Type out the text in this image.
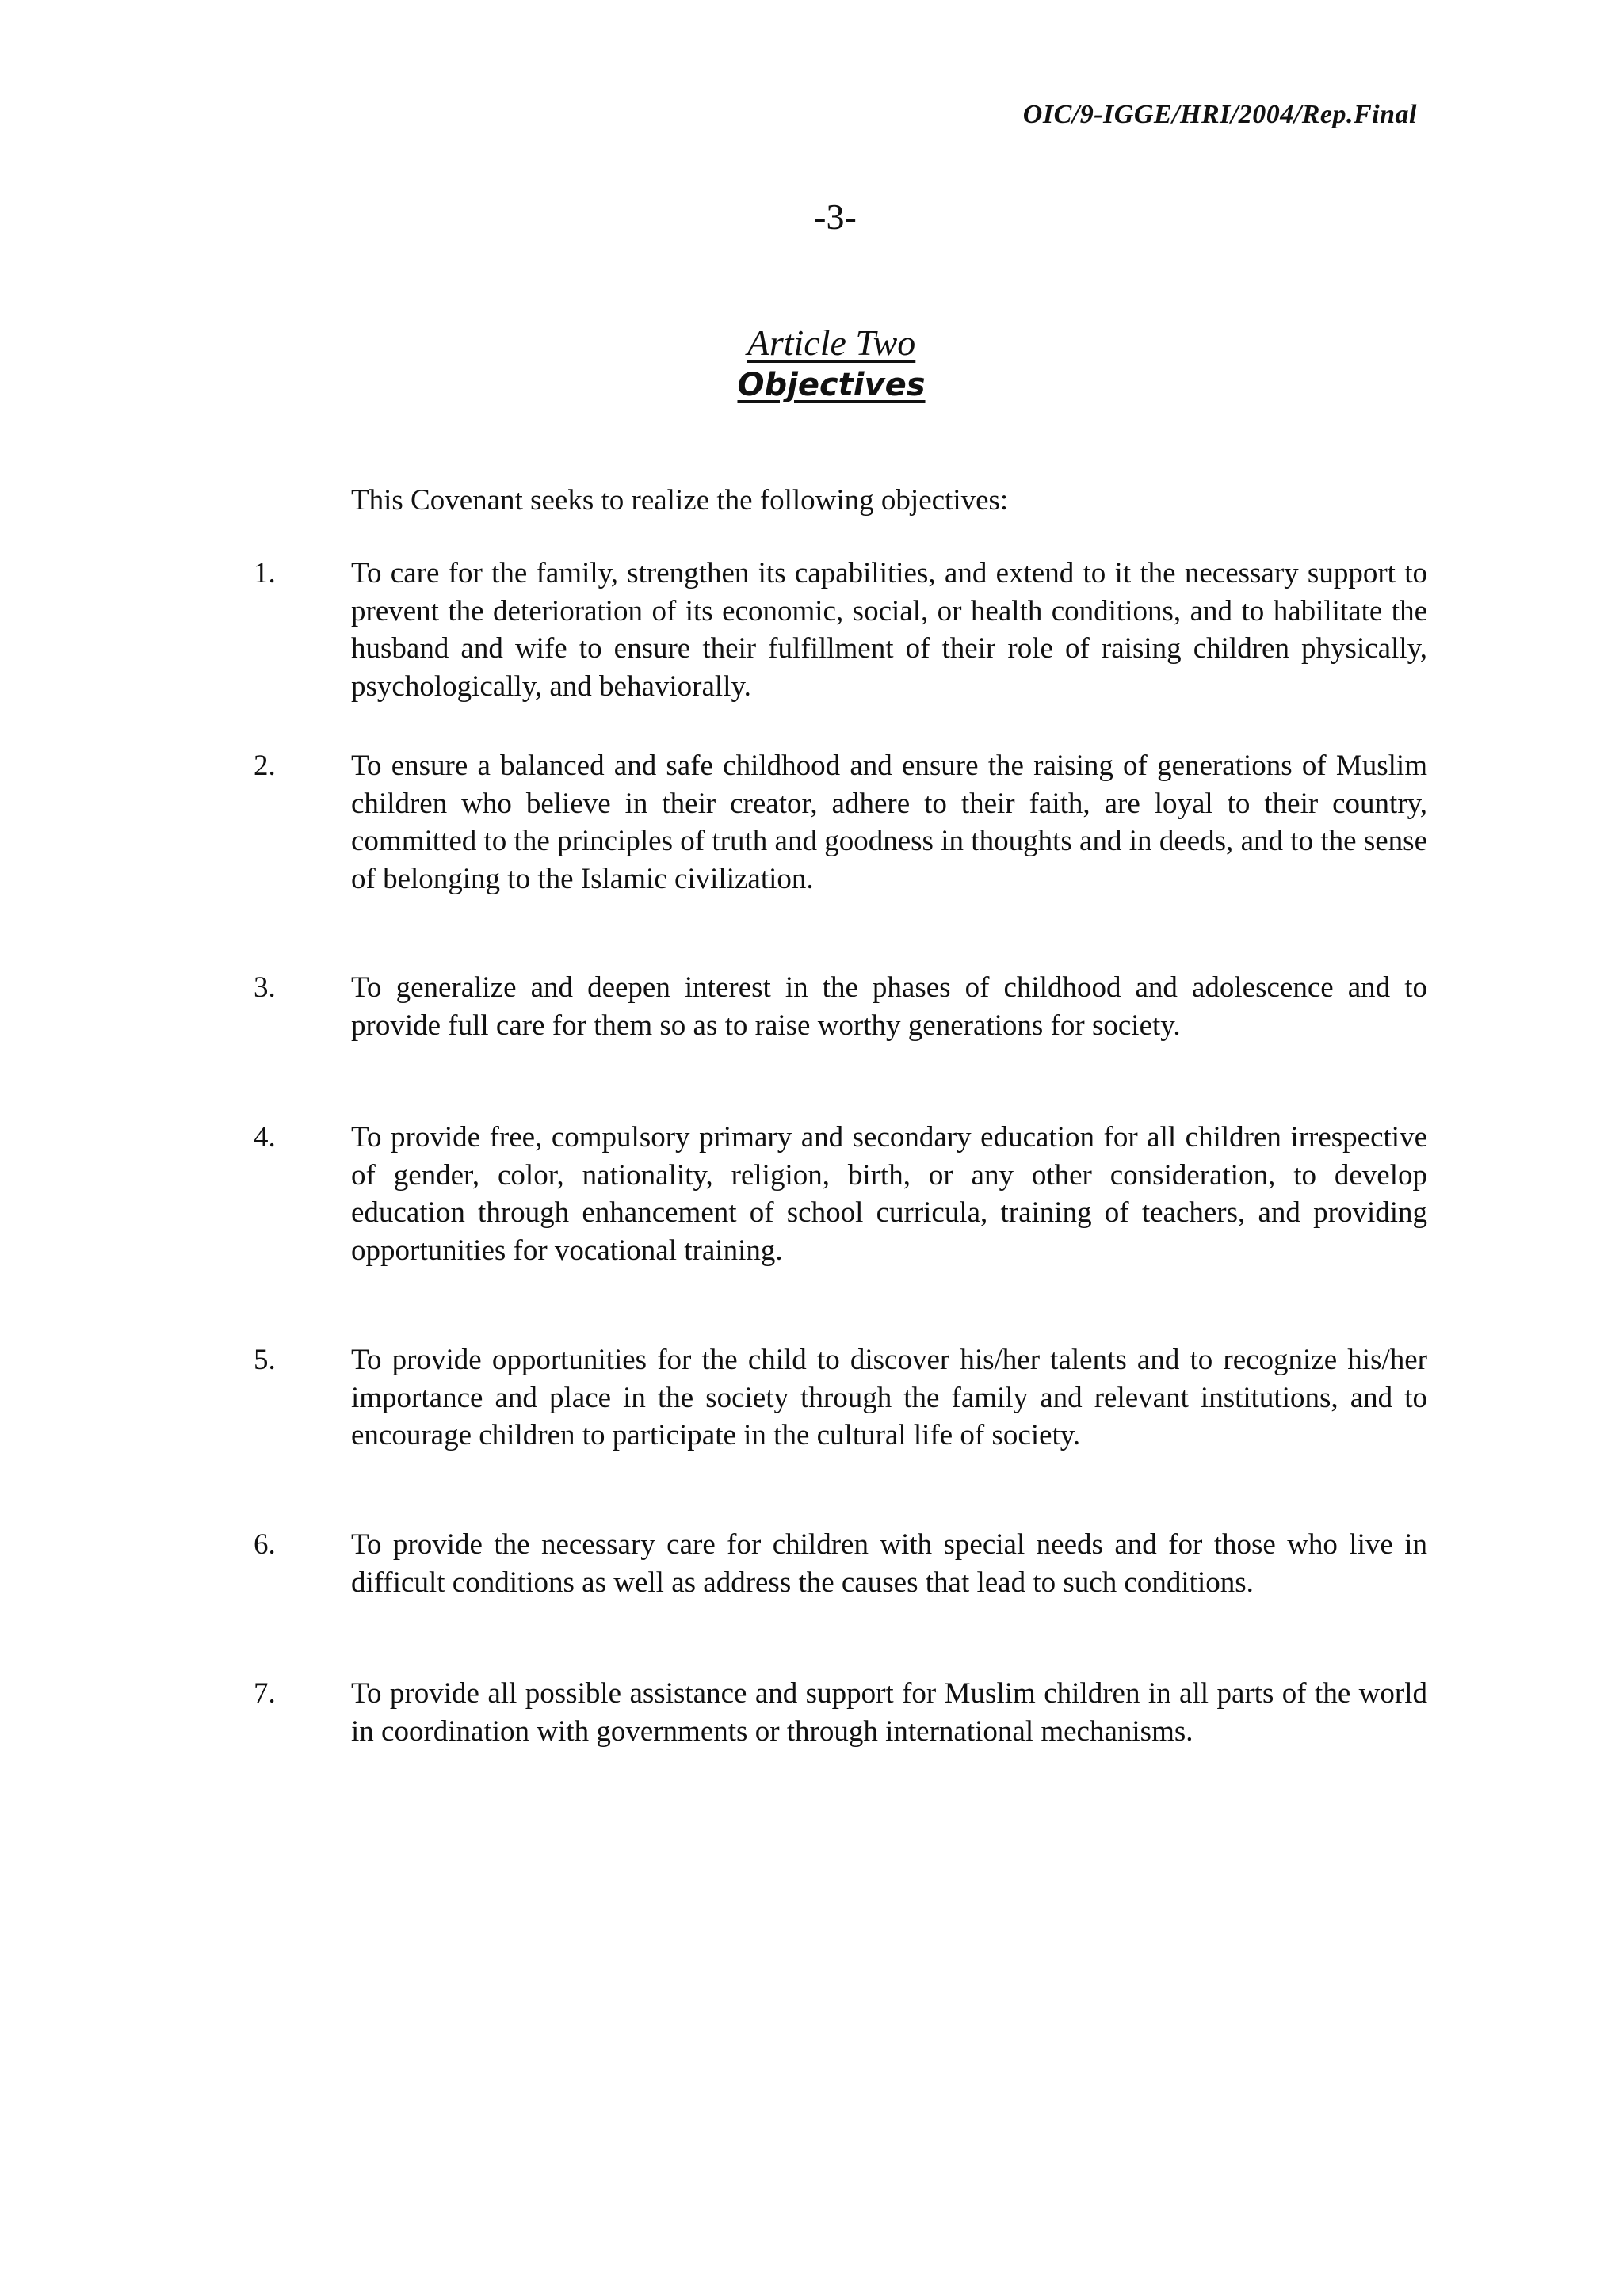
OIC/9-IGGE/HRI/2004/Rep.Final
-3-
Article Two
Objectives
This Covenant seeks to realize the following objectives:
1.	To care for the family, strengthen its capabilities, and extend to it the necessary support to prevent the deterioration of its economic, social, or health conditions, and to habilitate the husband and wife to ensure their fulfillment of their role of raising children physically, psychologically, and behaviorally.
2.	To ensure a balanced and safe childhood and ensure the raising of generations of Muslim children who believe in their creator, adhere to their faith, are loyal to their country, committed to the principles of truth and goodness in thoughts and in deeds, and to the sense of belonging to the Islamic civilization.
3.	To generalize and deepen interest in the phases of childhood and adolescence and to provide full care for them so as to raise worthy generations for society.
4.	To provide free, compulsory primary and secondary education for all children irrespective of gender, color, nationality, religion, birth, or any other consideration, to develop education through enhancement of school curricula, training of teachers, and providing opportunities for vocational training.
5.	To provide opportunities for the child to discover his/her talents and to recognize his/her importance and place in the society through the family and relevant institutions, and to encourage children to participate in the cultural life of society.
6.	To provide the necessary care for children with special needs and for those who live in difficult conditions as well as address the causes that lead to such conditions.
7.	To provide all possible assistance and support for Muslim children in all parts of the world in coordination with governments or through international mechanisms.
